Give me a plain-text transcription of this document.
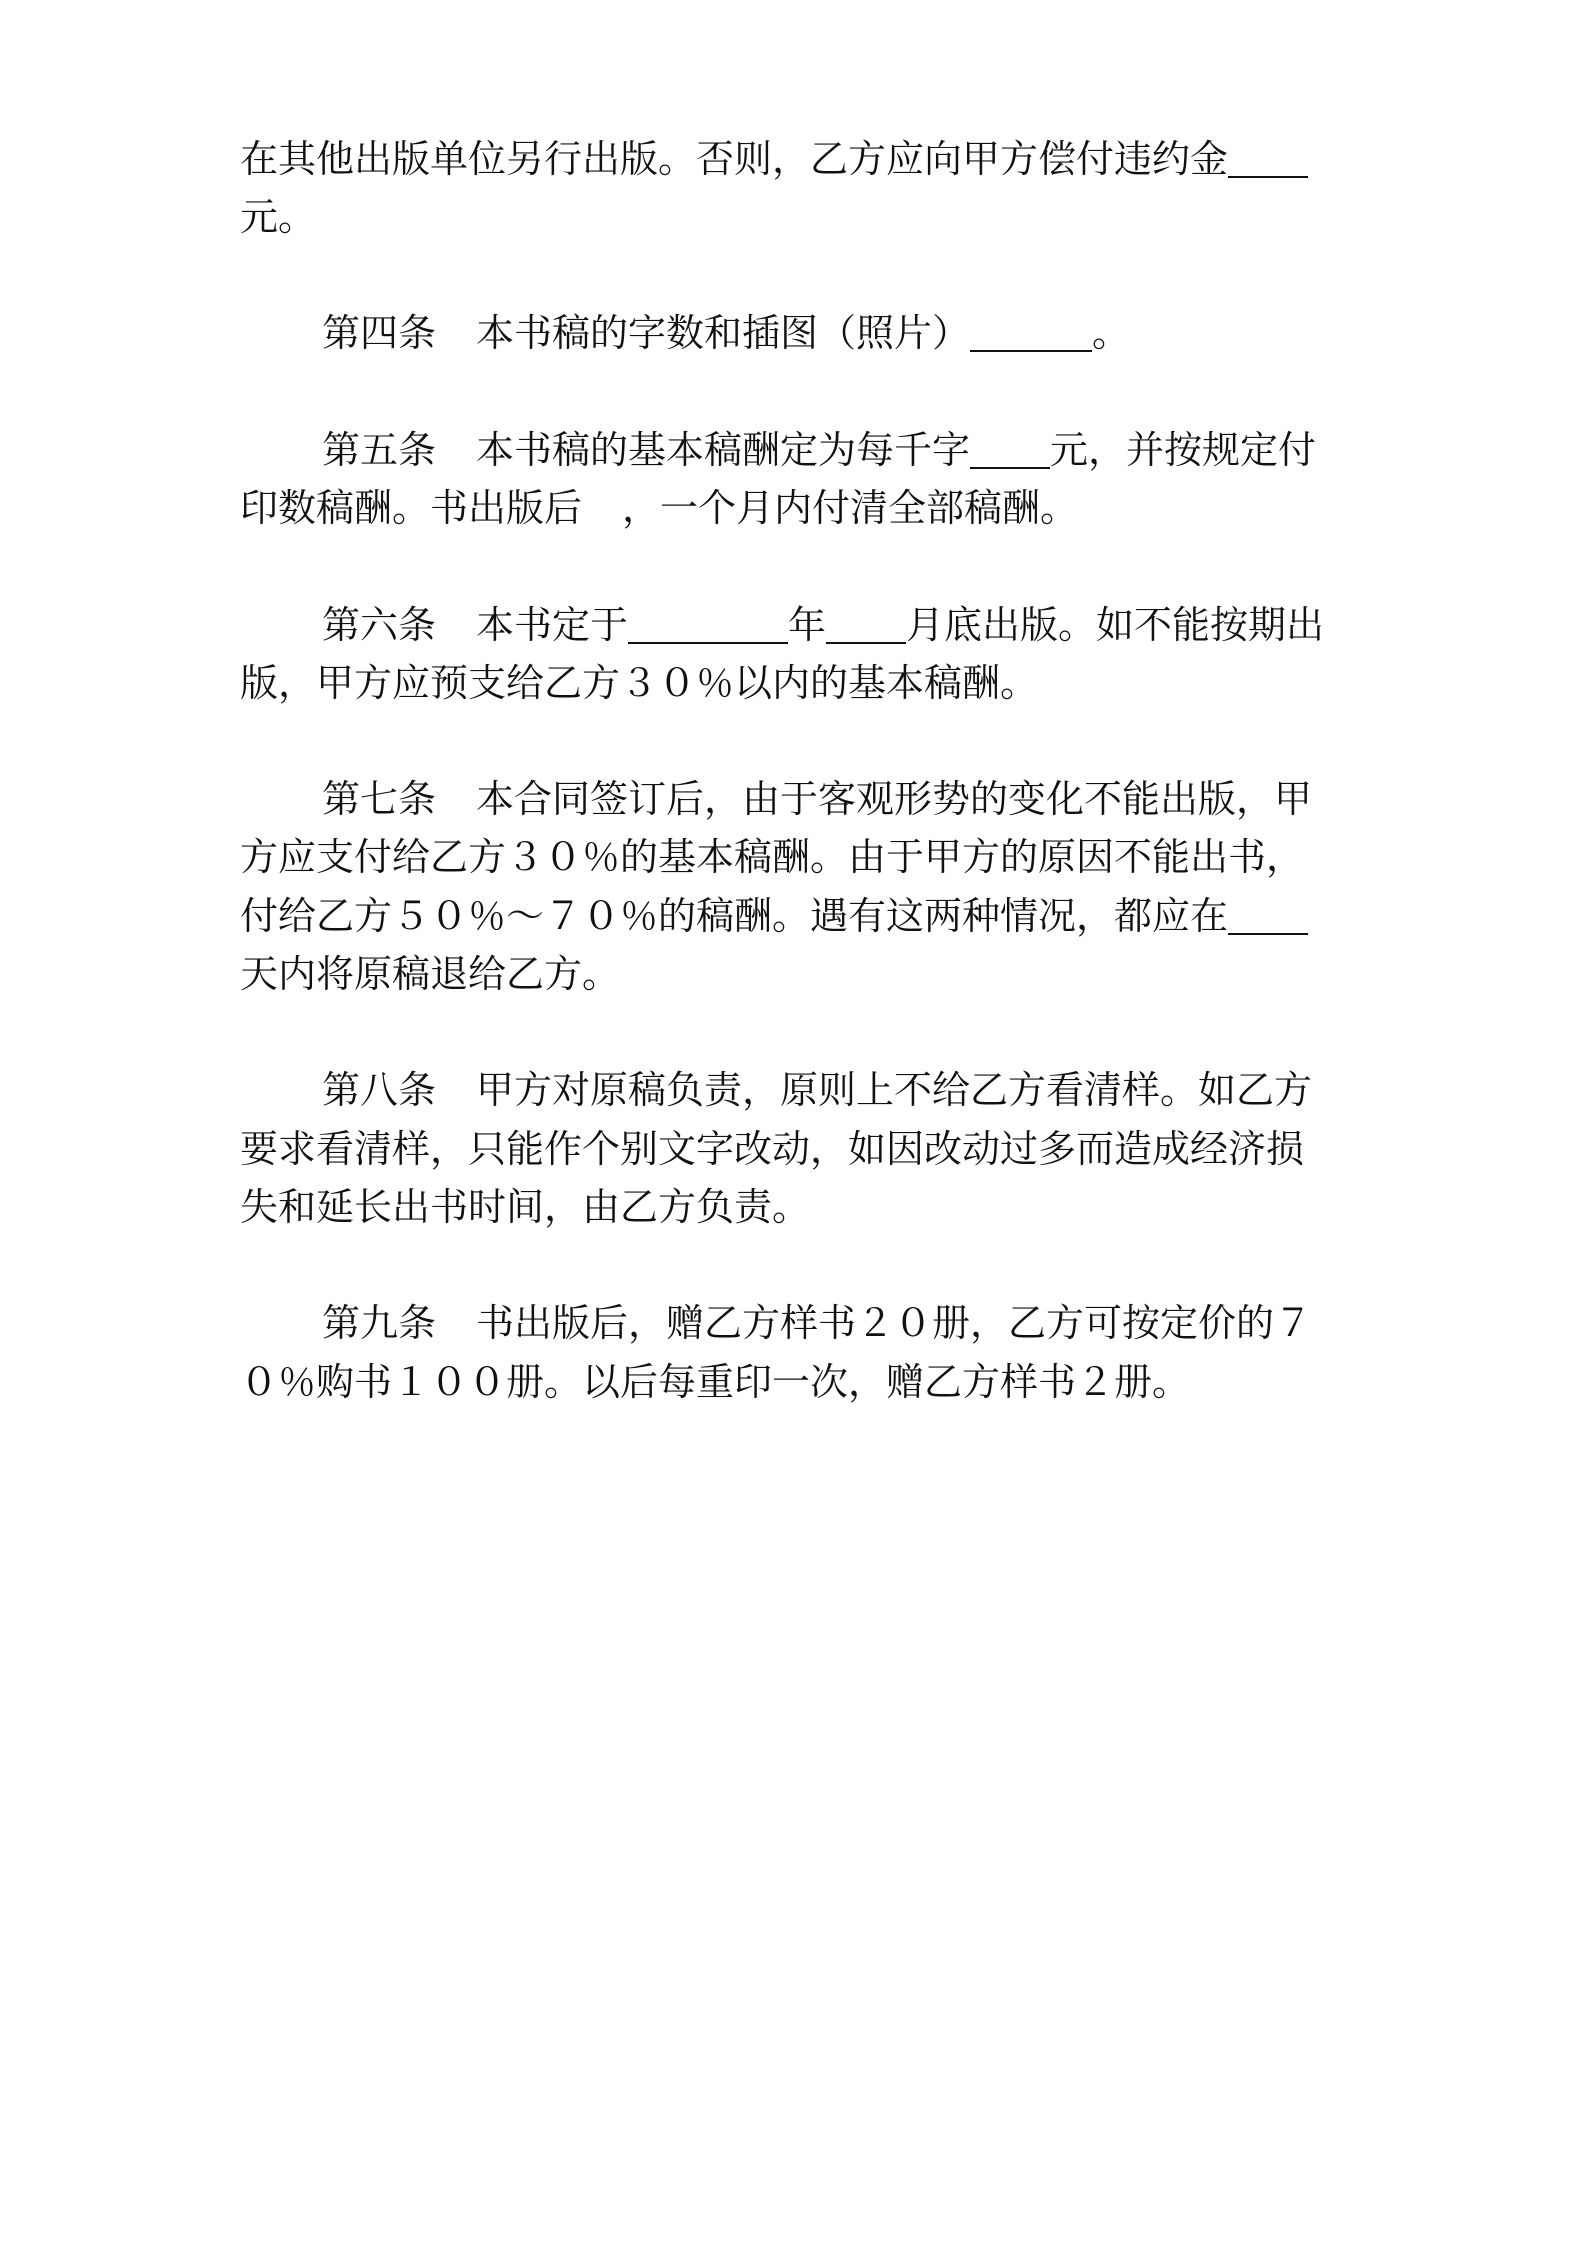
在其他出版单位另行出版。否则，乙方应向甲方偿付违约金
元。
第四条 本书稿的字数和插图（照片）	。
第五条 本书稿的基本稿酬定为每千字 元，并按规定付
印数稿酬。书出版后 ，一个月内付清全部稿酬。
第六条 本书定于	年 月底出版。如不能按期出
版，甲方应预支给乙方３０％以内的基本稿酬。
第七条 本合同签订后，由于客观形势的变化不能出版，甲
方应支付给乙方３０％的基本稿酬。由于甲方的原因不能出书，
付给乙方５０％～７０％的稿酬。遇有这两种情况，都应在
天内将原稿退给乙方。
第八条 甲方对原稿负责，原则上不给乙方看清样。如乙方
要求看清样，只能作个别文字改动，如因改动过多而造成经济损
失和延长出书时间，由乙方负责。
第九条 书出版后，赠乙方样书２０册，乙方可按定价的７
０％购书１００册。以后每重印一次，赠乙方样书２册。
